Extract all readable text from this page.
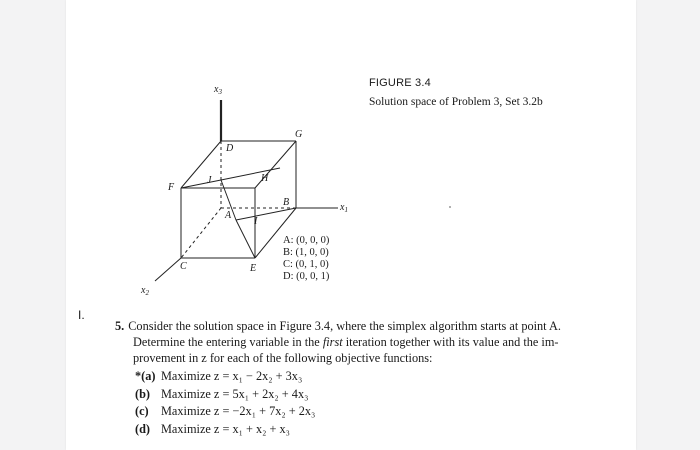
$x_3$
$x_1$
$x_2$
G
D
H
F
J
B
A
I
C	E
A: (0, 0, 0)
B: (1, 0, 0)
C: (0, 1, 0)
D: (0, 0, 1)
FIGURE 3.4
Solution space of Problem 3, Set 3.2b
I.
5. Consider the solution space in Figure 3.4, where the simplex algorithm starts at point A.
Determine the entering variable in the first iteration together with its value and the im-
provement in z for each of the following objective functions:
*(a) Maximize z = x₁ − 2x₂ + 3x₃
(b) Maximize z = 5x₁ + 2x₂ + 4x₃
(c) Maximize z = −2x₁ + 7x₂ + 2x₃
(d) Maximize z = x₁ + x₂ + x₃
